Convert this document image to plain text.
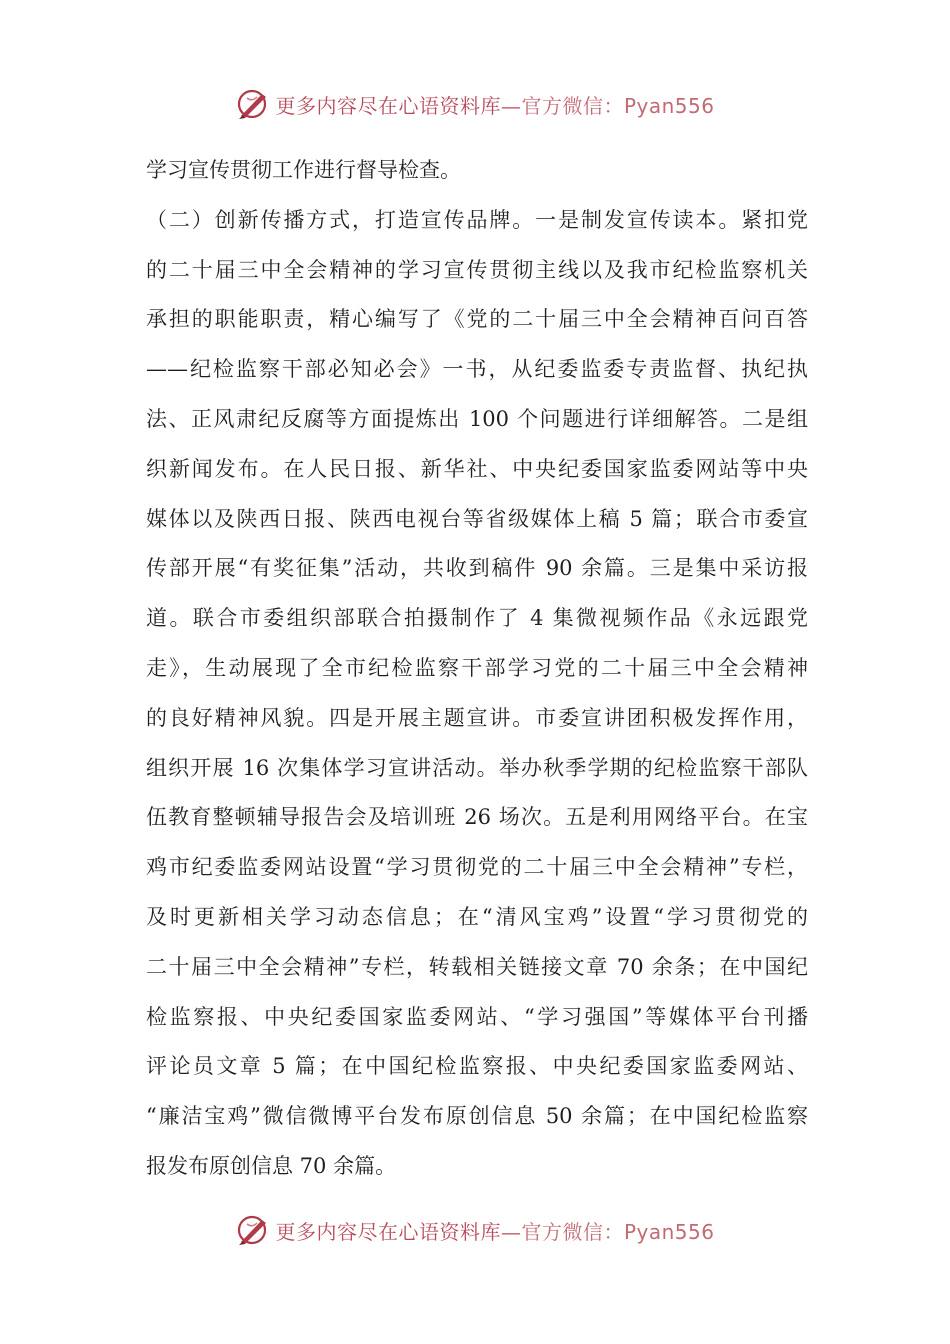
更多内容尽在心语资料库—官方微信：Pyan556
学习宣传贯彻工作进行督导检查。
（二）创新传播方式，打造宣传品牌。一是制发宣传读本。紧扣党
的二十届三中全会精神的学习宣传贯彻主线以及我市纪检监察机关
承担的职能职责，精心编写了《党的二十届三中全会精神百问百答
——纪检监察干部必知必会》一书，从纪委监委专责监督、执纪执
法、正风肃纪反腐等方面提炼出 100 个问题进行详细解答。二是组
织新闻发布。在人民日报、新华社、中央纪委国家监委网站等中央
媒体以及陕西日报、陕西电视台等省级媒体上稿 5 篇；联合市委宣
传部开展“有奖征集”活动，共收到稿件 90 余篇。三是集中采访报
道。联合市委组织部联合拍摄制作了 4 集微视频作品《永远跟党
走》，生动展现了全市纪检监察干部学习党的二十届三中全会精神
的良好精神风貌。四是开展主题宣讲。市委宣讲团积极发挥作用，
组织开展 16 次集体学习宣讲活动。举办秋季学期的纪检监察干部队
伍教育整顿辅导报告会及培训班 26 场次。五是利用网络平台。在宝
鸡市纪委监委网站设置“学习贯彻党的二十届三中全会精神”专栏，
及时更新相关学习动态信息；在“清风宝鸡”设置“学习贯彻党的
二十届三中全会精神”专栏，转载相关链接文章 70 余条；在中国纪
检监察报、中央纪委国家监委网站、“学习强国”等媒体平台刊播
评论员文章 5 篇；在中国纪检监察报、中央纪委国家监委网站、
“廉洁宝鸡”微信微博平台发布原创信息 50 余篇；在中国纪检监察
报发布原创信息 70 余篇。
更多内容尽在心语资料库—官方微信：Pyan556
